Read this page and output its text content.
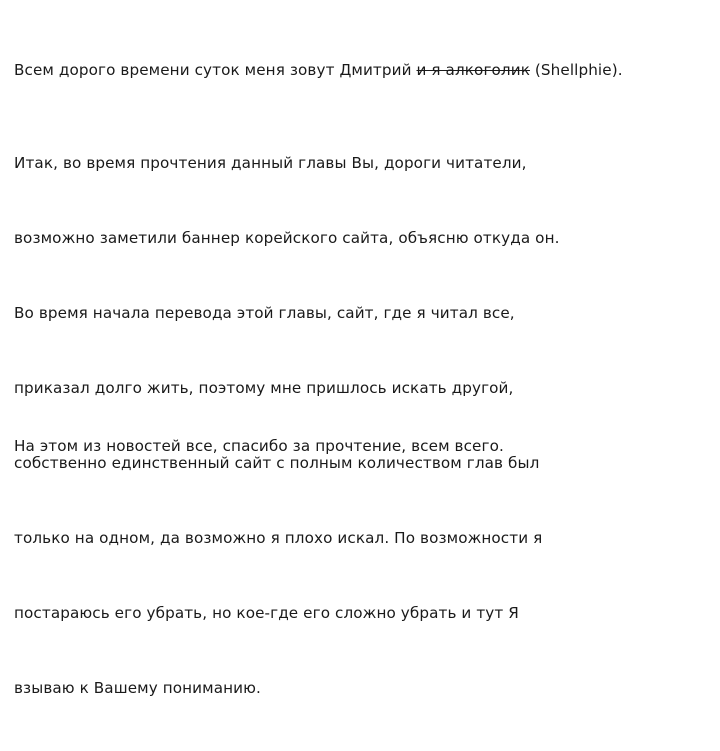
Всем дорого времени суток меня зовут Дмитрий и я алкоголик (Shellphie).

Итак, во время прочтения данный главы Вы, дороги читатели,

возможно заметили баннер корейского сайта, объясню откуда он.

Во время начала перевода этой главы, сайт, где я читал все,

приказал долго жить, поэтому мне пришлось искать другой,

собственно единственный сайт с полным количеством глав был

только на одном, да возможно я плохо искал. По возможности я

постараюсь его убрать, но кое-где его сложно убрать и тут Я

взываю к Вашему пониманию.

На этом из новостей все, спасибо за прочтение, всем всего.
